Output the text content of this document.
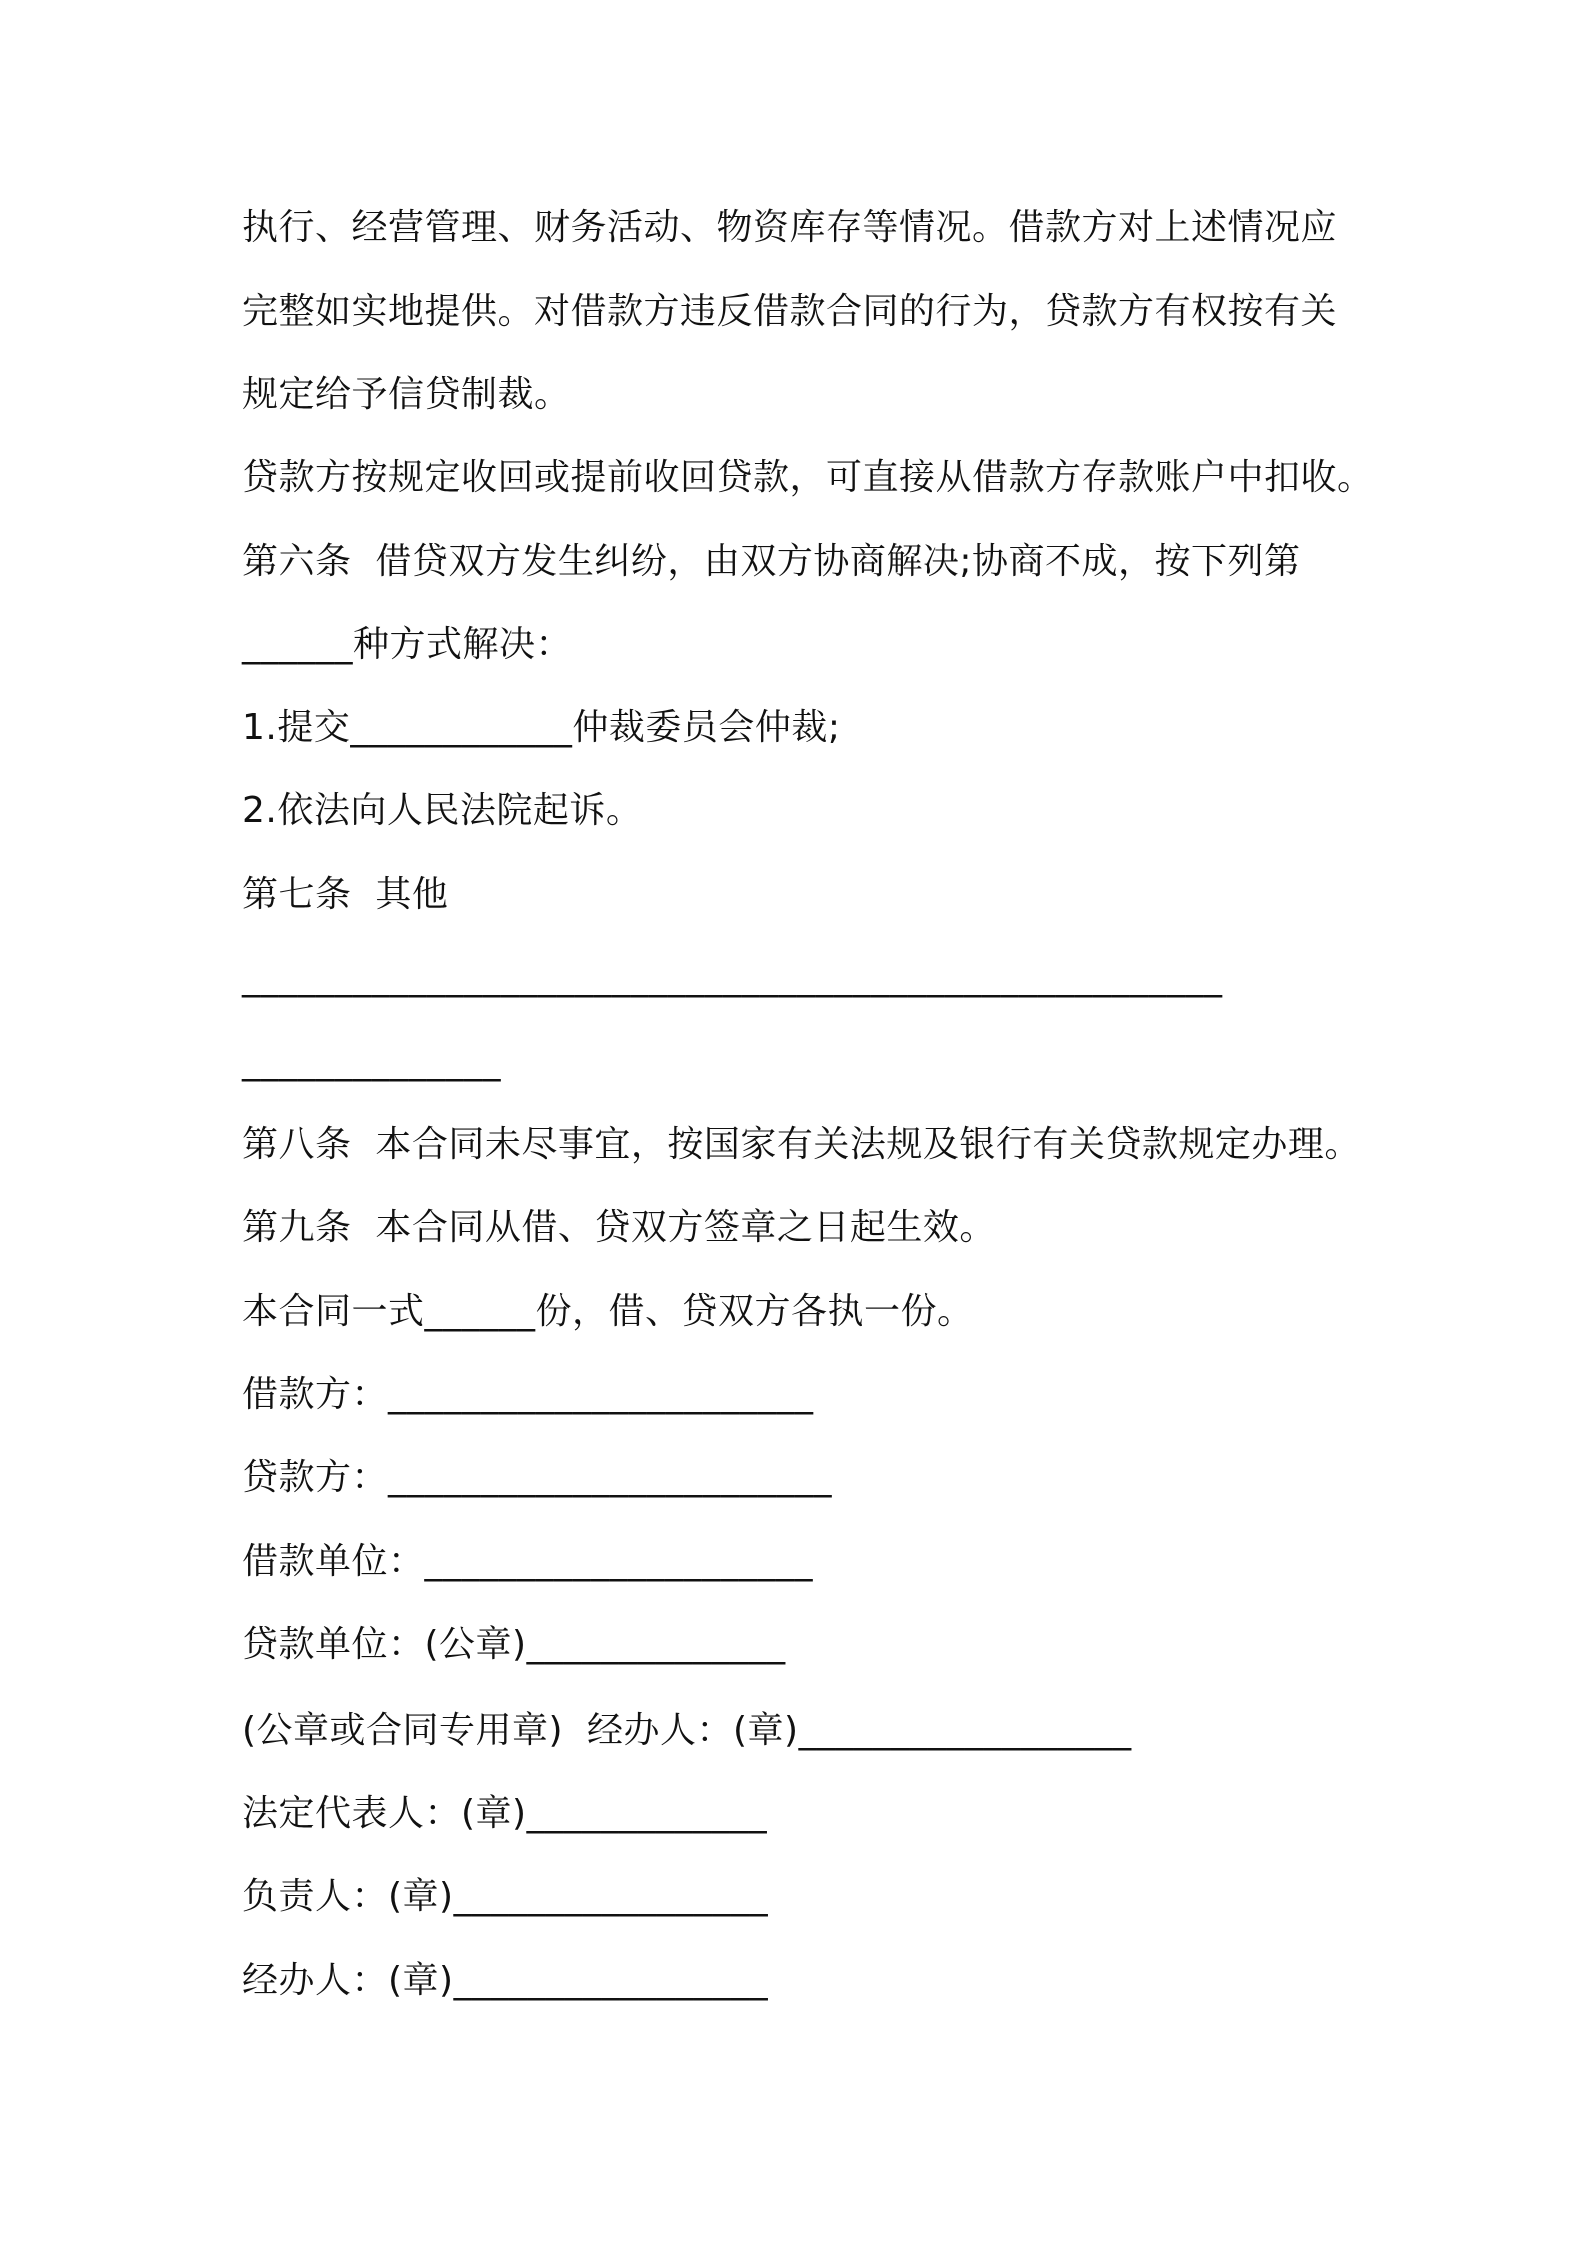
执行、经营管理、财务活动、物资库存等情况。借款方对上述情况应
完整如实地提供。对借款方违反借款合同的行为，贷款方有权按有关
规定给予信贷制裁。
贷款方按规定收回或提前收回贷款，可直接从借款方存款账户中扣收。
第六条  借贷双方发生纠纷，由双方协商解决;协商不成，按下列第
______种方式解决：
1.提交____________仲裁委员会仲裁;
2.依法向人民法院起诉。
第七条  其他
_____________________________________________________
______________
第八条  本合同未尽事宜，按国家有关法规及银行有关贷款规定办理。
第九条  本合同从借、贷双方签章之日起生效。
本合同一式______份，借、贷双方各执一份。
借款方：_______________________
贷款方：________________________
借款单位：_____________________
贷款单位：(公章)______________
(公章或合同专用章)  经办人：(章)__________________
法定代表人：(章)_____________
负责人：(章)_________________
经办人：(章)_________________
